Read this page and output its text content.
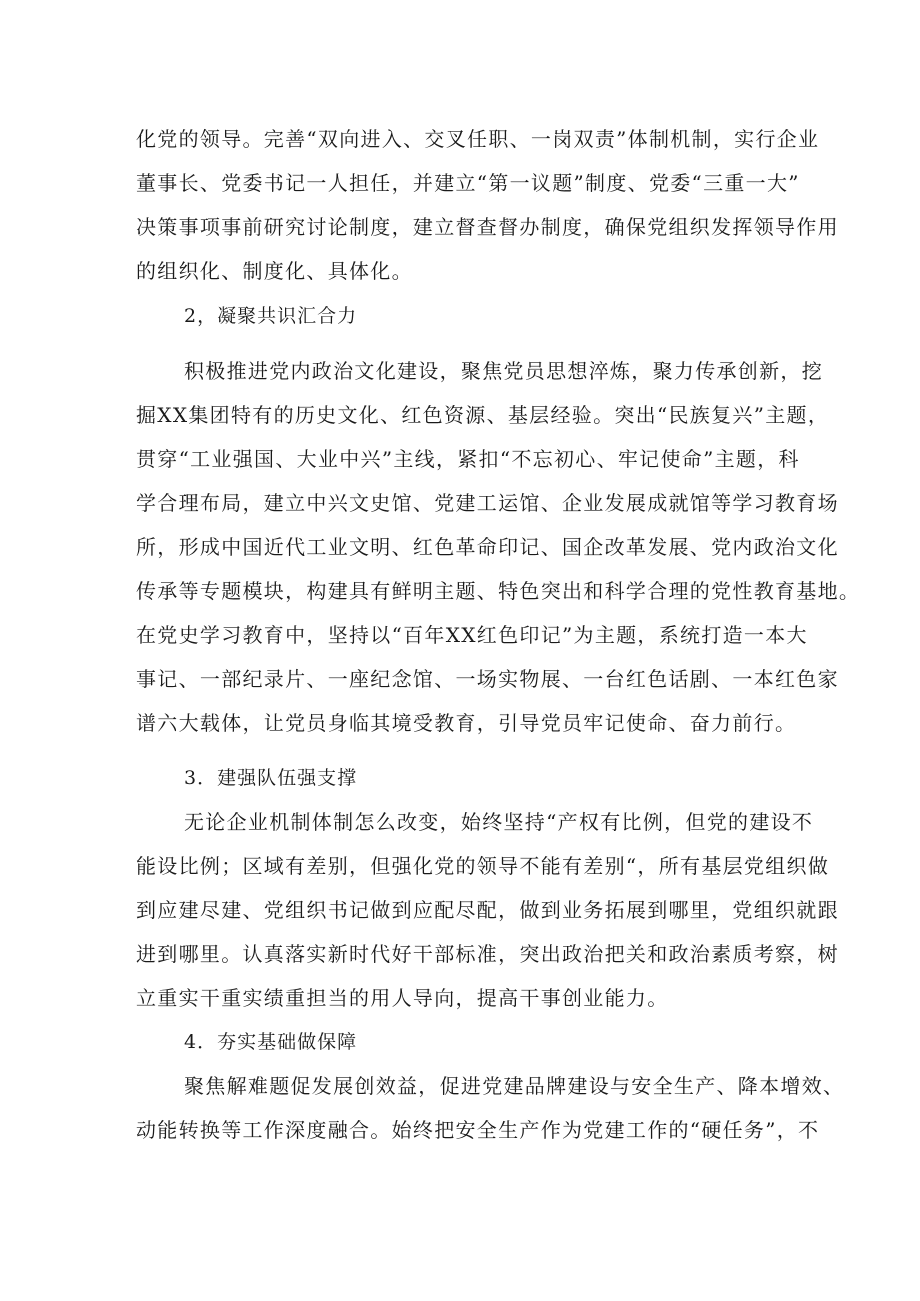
化党的领导。完善“双向进入、交叉任职、一岗双责”体制机制，实行企业
董事长、党委书记一人担任，并建立“第一议题”制度、党委“三重一大”
决策事项事前研究讨论制度，建立督查督办制度，确保党组织发挥领导作用
的组织化、制度化、具体化。
2，凝聚共识汇合力
积极推进党内政治文化建设，聚焦党员思想淬炼，聚力传承创新，挖
掘XX集团特有的历史文化、红色资源、基层经验。突出“民族复兴”主题，
贯穿“工业强国、大业中兴”主线，紧扣“不忘初心、牢记使命”主题，科
学合理布局，建立中兴文史馆、党建工运馆、企业发展成就馆等学习教育场
所，形成中国近代工业文明、红色革命印记、国企改革发展、党内政治文化
传承等专题模块，构建具有鲜明主题、特色突出和科学合理的党性教育基地。
在党史学习教育中，坚持以“百年XX红色印记”为主题，系统打造一本大
事记、一部纪录片、一座纪念馆、一场实物展、一台红色话剧、一本红色家
谱六大载体，让党员身临其境受教育，引导党员牢记使命、奋力前行。
3．建强队伍强支撑
无论企业机制体制怎么改变，始终坚持“产权有比例，但党的建设不
能设比例；区域有差别，但强化党的领导不能有差别“，所有基层党组织做
到应建尽建、党组织书记做到应配尽配，做到业务拓展到哪里，党组织就跟
进到哪里。认真落实新时代好干部标准，突出政治把关和政治素质考察，树
立重实干重实绩重担当的用人导向，提高干事创业能力。
4．夯实基础做保障
聚焦解难题促发展创效益，促进党建品牌建设与安全生产、降本增效、
动能转换等工作深度融合。始终把安全生产作为党建工作的“硬任务”，不
